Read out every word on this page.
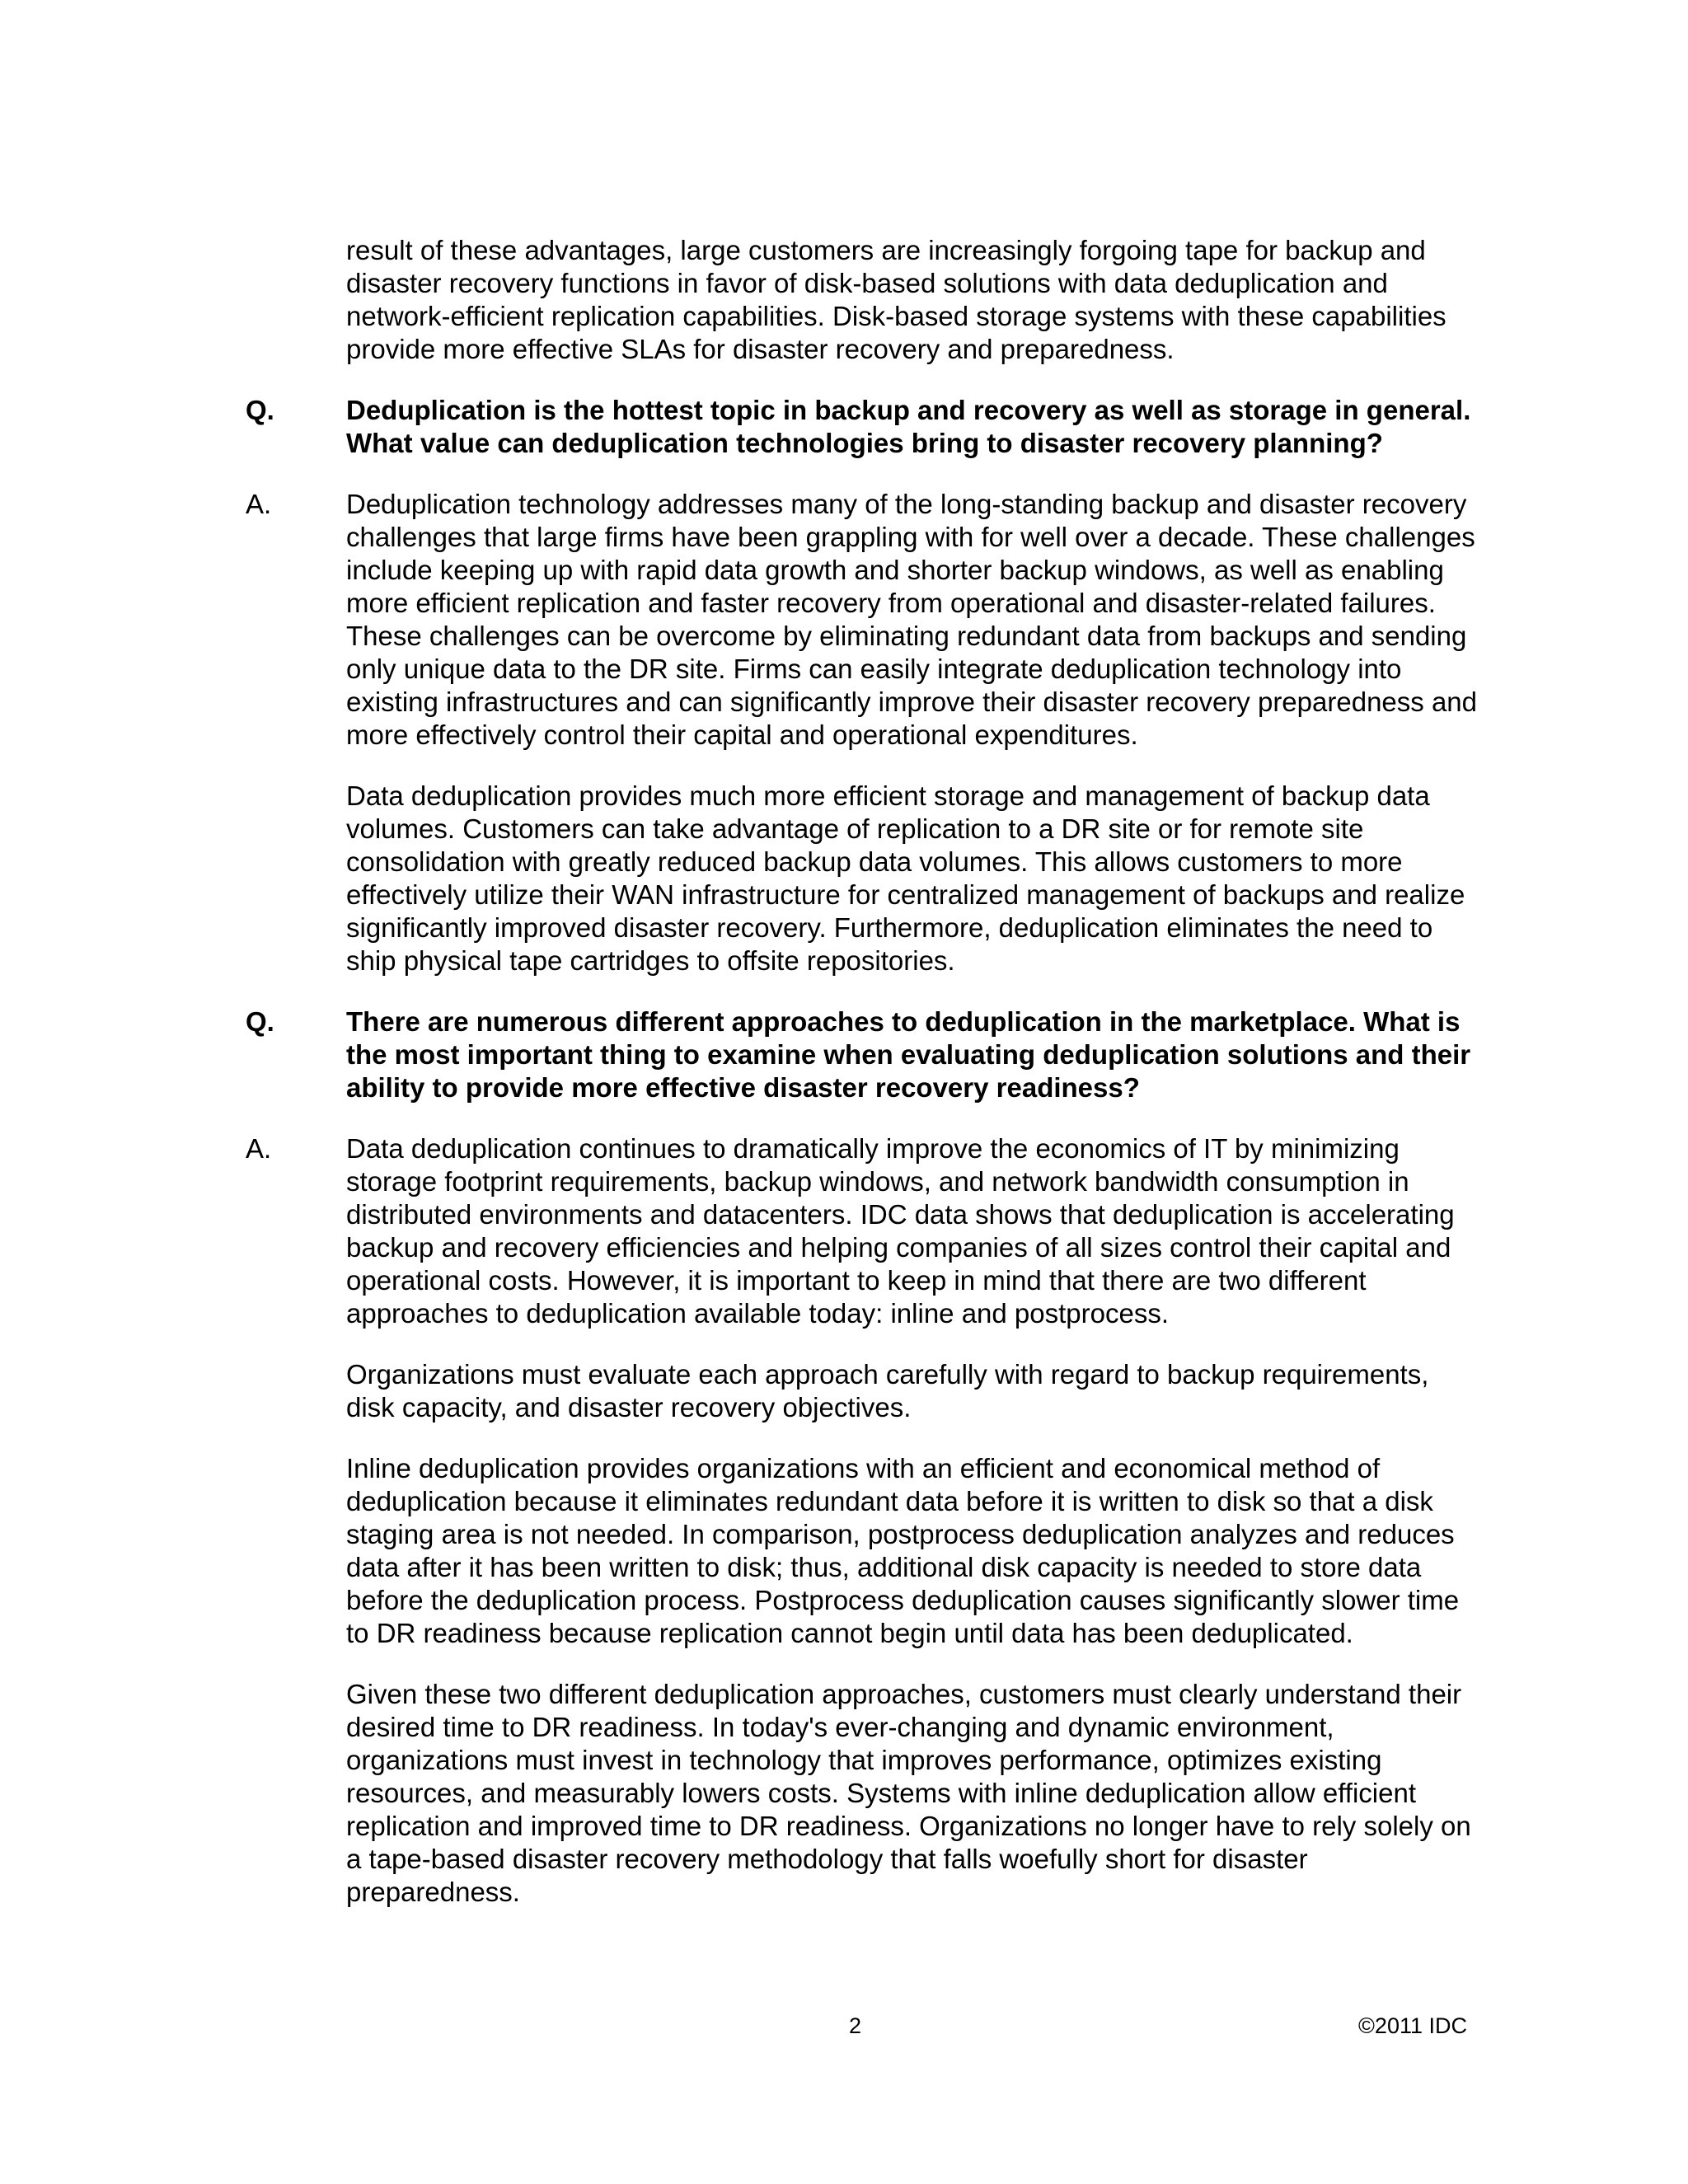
result of these advantages, large customers are increasingly forgoing tape for backup and disaster recovery functions in favor of disk-based solutions with data deduplication and network-efficient replication capabilities. Disk-based storage systems with these capabilities provide more effective SLAs for disaster recovery and preparedness.

Q.	Deduplication is the hottest topic in backup and recovery as well as storage in general. What value can deduplication technologies bring to disaster recovery planning?

A.	Deduplication technology addresses many of the long-standing backup and disaster recovery challenges that large firms have been grappling with for well over a decade. These challenges include keeping up with rapid data growth and shorter backup windows, as well as enabling more efficient replication and faster recovery from operational and disaster-related failures. These challenges can be overcome by eliminating redundant data from backups and sending only unique data to the DR site. Firms can easily integrate deduplication technology into existing infrastructures and can significantly improve their disaster recovery preparedness and more effectively control their capital and operational expenditures.

Data deduplication provides much more efficient storage and management of backup data volumes. Customers can take advantage of replication to a DR site or for remote site consolidation with greatly reduced backup data volumes. This allows customers to more effectively utilize their WAN infrastructure for centralized management of backups and realize significantly improved disaster recovery. Furthermore, deduplication eliminates the need to ship physical tape cartridges to offsite repositories.

Q.	There are numerous different approaches to deduplication in the marketplace. What is the most important thing to examine when evaluating deduplication solutions and their ability to provide more effective disaster recovery readiness?

A.	Data deduplication continues to dramatically improve the economics of IT by minimizing storage footprint requirements, backup windows, and network bandwidth consumption in distributed environments and datacenters. IDC data shows that deduplication is accelerating backup and recovery efficiencies and helping companies of all sizes control their capital and operational costs. However, it is important to keep in mind that there are two different approaches to deduplication available today: inline and postprocess.

Organizations must evaluate each approach carefully with regard to backup requirements, disk capacity, and disaster recovery objectives.

Inline deduplication provides organizations with an efficient and economical method of deduplication because it eliminates redundant data before it is written to disk so that a disk staging area is not needed. In comparison, postprocess deduplication analyzes and reduces data after it has been written to disk; thus, additional disk capacity is needed to store data before the deduplication process. Postprocess deduplication causes significantly slower time to DR readiness because replication cannot begin until data has been deduplicated.

Given these two different deduplication approaches, customers must clearly understand their desired time to DR readiness. In today's ever-changing and dynamic environment, organizations must invest in technology that improves performance, optimizes existing resources, and measurably lowers costs. Systems with inline deduplication allow efficient replication and improved time to DR readiness. Organizations no longer have to rely solely on a tape-based disaster recovery methodology that falls woefully short for disaster preparedness.

2	©2011 IDC
